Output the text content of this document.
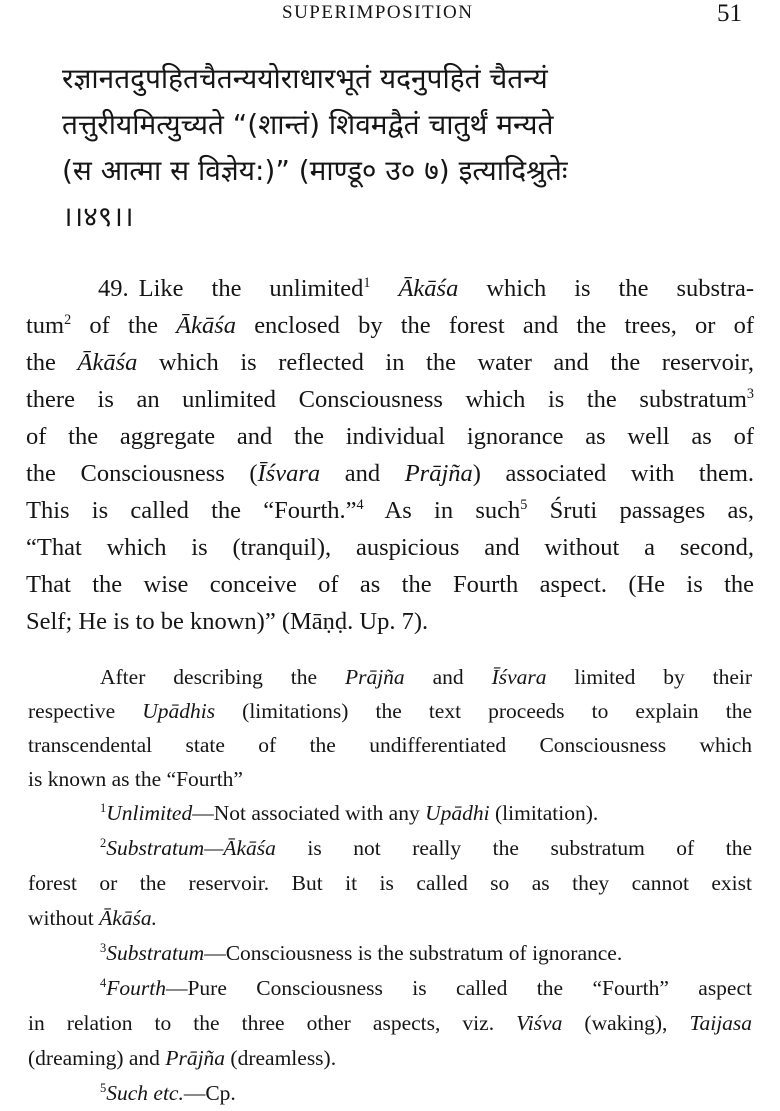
SUPERIMPOSITION	51
रज्ञानतदुपहितचैतन्ययोराधारभूतं यदनुपहितं चैतन्यं
तत्तुरीयमित्युच्यते “(शान्तं) शिवमद्वैतं चातुर्थं मन्यते
(स आत्मा स विज्ञेय:)” (माण्डू० उ० ७) इत्यादिश्रुतेः
।।४९।।
49. Like the unlimited$^1$ Ākāśa which is the substra-
tum$^2$ of the Ākāśa enclosed by the forest and the trees, or of
the Ākāśa which is reflected in the water and the reservoir,
there is an unlimited Consciousness which is the substratum$^3$
of the aggregate and the individual ignorance as well as of
the Consciousness (Īśvara and Prājña) associated with them.
This is called the “Fourth.”$^4$ As in such$^5$ Śruti passages as,
“That which is (tranquil), auspicious and without a second,
That the wise conceive of as the Fourth aspect. (He is the
Self; He is to be known)” (Māṇḍ. Up. 7).
After describing the Prājña and Īśvara limited by their
respective Upādhis (limitations) the text proceeds to explain the
transcendental state of the undifferentiated Consciousness which
is known as the “Fourth”
$^1$Unlimited—Not associated with any Upādhi (limitation).
$^2$Substratum—Ākāśa is not really the substratum of the
forest or the reservoir. But it is called so as they cannot exist
without Ākāśa.
$^3$Substratum—Consciousness is the substratum of ignorance.
$^4$Fourth—Pure Consciousness is called the “Fourth” aspect
in relation to the three other aspects, viz. Viśva (waking), Taijasa
(dreaming) and Prājña (dreamless).
$^5$Such etc.—Cp.
